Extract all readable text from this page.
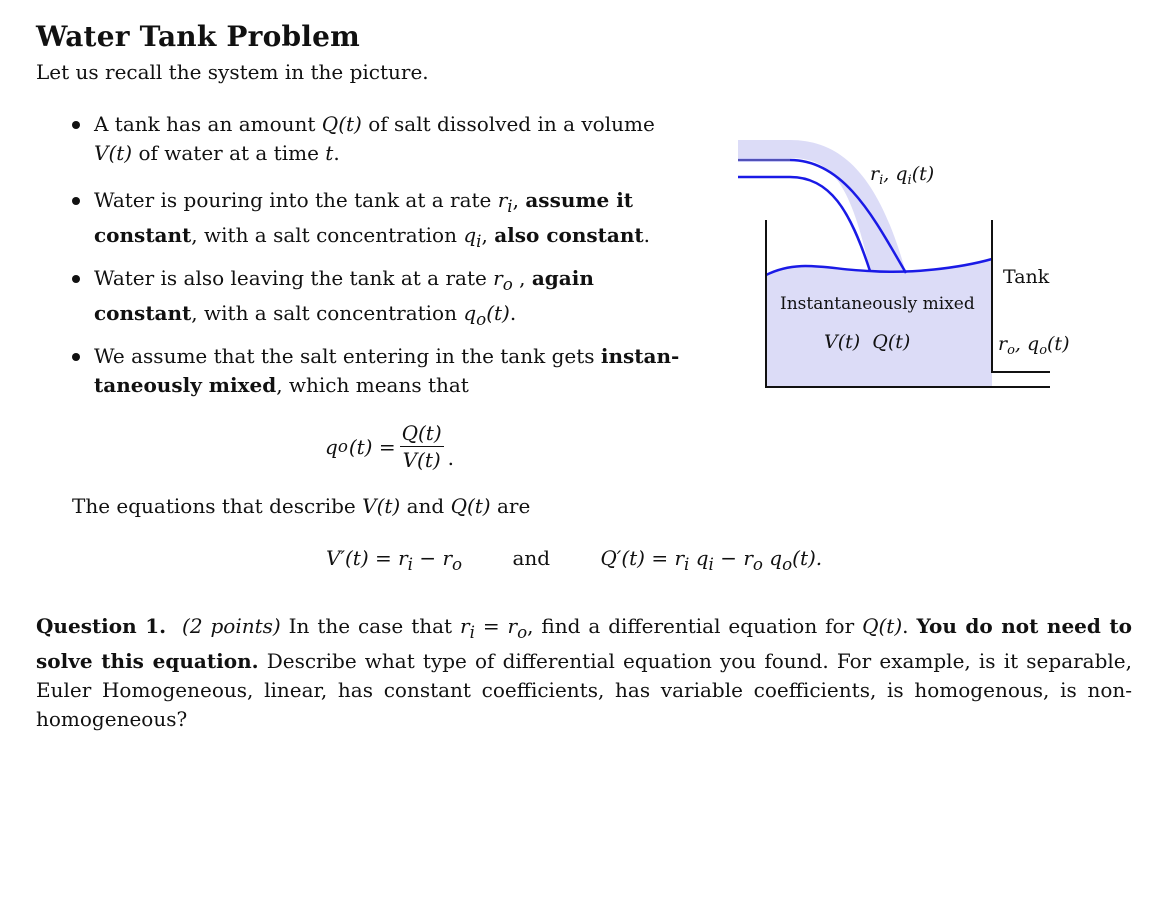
Water Tank Problem
Let us recall the system in the picture.
A tank has an amount Q(t) of salt dissolved in a volume V(t) of water at a time t.
Water is pouring into the tank at a rate $r_i$, assume it constant, with a salt concentration $q_i$, also constant.
Water is also leaving the tank at a rate $r_o$ , again constant, with a salt concentration $q_o(t)$.
We assume that the salt entering in the tank gets instan-taneously mixed, which means that
q o $(t) = \frac{Q(t)}{V(t)}$ .
The equations that describe V(t) and Q(t) are
$V'(t) = r_i - r_o$	and	$Q'(t) = r_i$ $q_i - r_o$ $q_o(t)$.
Question 1. (2 points) In the case that $r_i = r_o$, find a differential equation for Q(t). You do not need to solve this equation. Describe what type of differential equation you found. For example, is it separable, Euler Homogeneous, linear, has constant coefficients, has variable coefficients, is homogenous, is non-homogeneous?
$r_i$, $q_i(t)$
Tank
Instantaneously mixed
V(t)  Q(t)	$r_o$, $q_o(t)$
